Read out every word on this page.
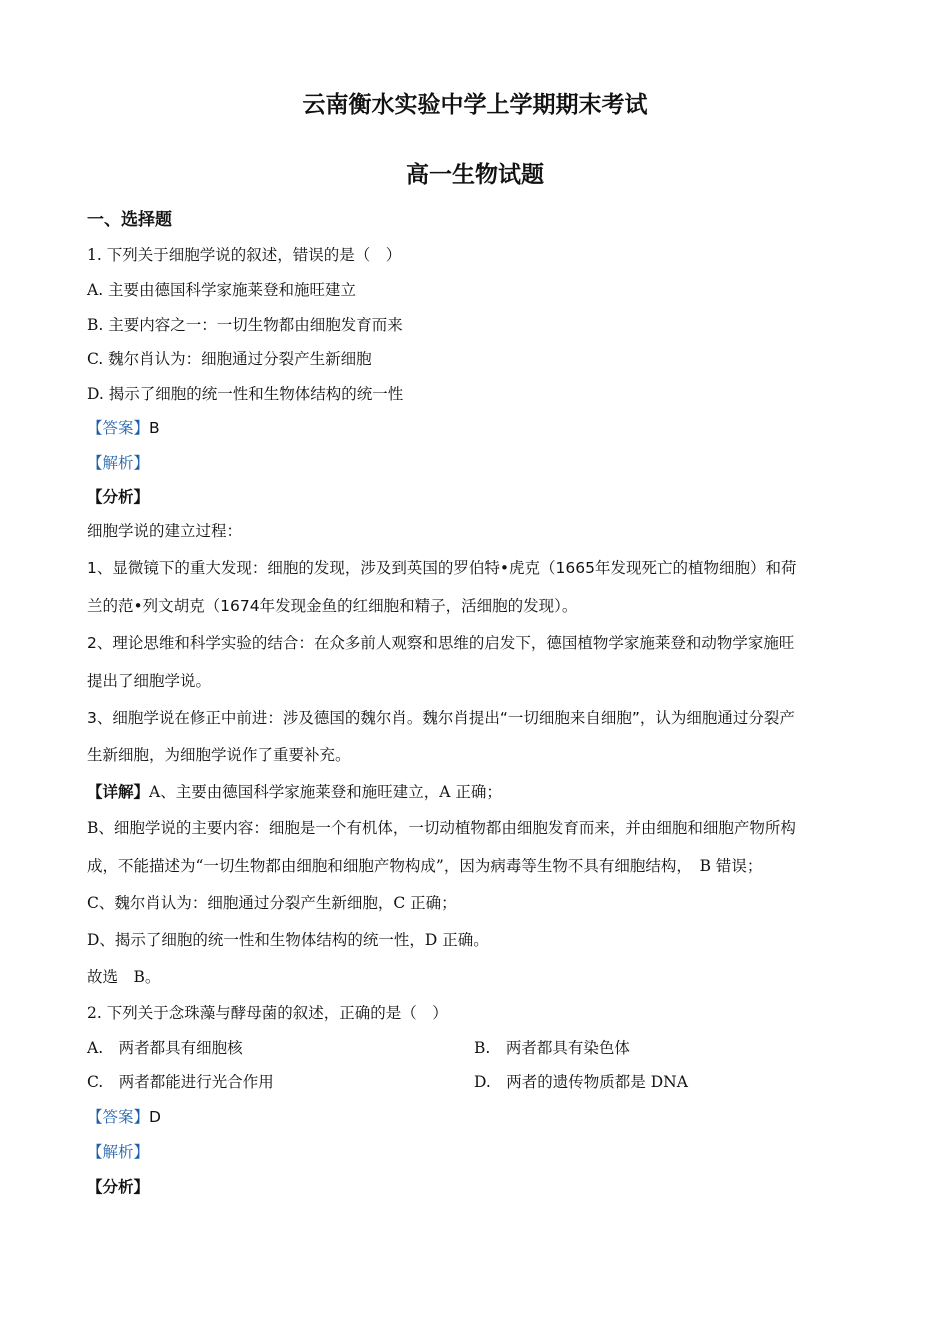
云南衡水实验中学上学期期末考试
高一生物试题

一、选择题

1. 下列关于细胞学说的叙述，错误的是（　）

A. 主要由德国科学家施莱登和施旺建立

B. 主要内容之一：一切生物都由细胞发育而来

C. 魏尔肖认为：细胞通过分裂产生新细胞

D. 揭示了细胞的统一性和生物体结构的统一性

【答案】B

【解析】

【分析】

细胞学说的建立过程：

1、显微镜下的重大发现：细胞的发现，涉及到英国的罗伯特•虎克（1665年发现死亡的植物细胞）和荷

兰的范•列文胡克（1674年发现金鱼的红细胞和精子，活细胞的发现）。

2、理论思维和科学实验的结合：在众多前人观察和思维的启发下，德国植物学家施莱登和动物学家施旺

提出了细胞学说。

3、细胞学说在修正中前进：涉及德国的魏尔肖。魏尔肖提出“一切细胞来自细胞”，认为细胞通过分裂产

生新细胞，为细胞学说作了重要补充。

【详解】A、主要由德国科学家施莱登和施旺建立，A 正确；

B、细胞学说的主要内容：细胞是一个有机体，一切动植物都由细胞发育而来，并由细胞和细胞产物所构

成，不能描述为“一切生物都由细胞和细胞产物构成”，因为病毒等生物不具有细胞结构，　B 错误；

C、魏尔肖认为：细胞通过分裂产生新细胞，C 正确；

D、揭示了细胞的统一性和生物体结构的统一性，D 正确。

故选　B。

2. 下列关于念珠藻与酵母菌的叙述，正确的是（　）

A.　两者都具有细胞核	B.　两者都具有染色体

C.　两者都能进行光合作用	D.　两者的遗传物质都是 DNA

【答案】D

【解析】

【分析】
